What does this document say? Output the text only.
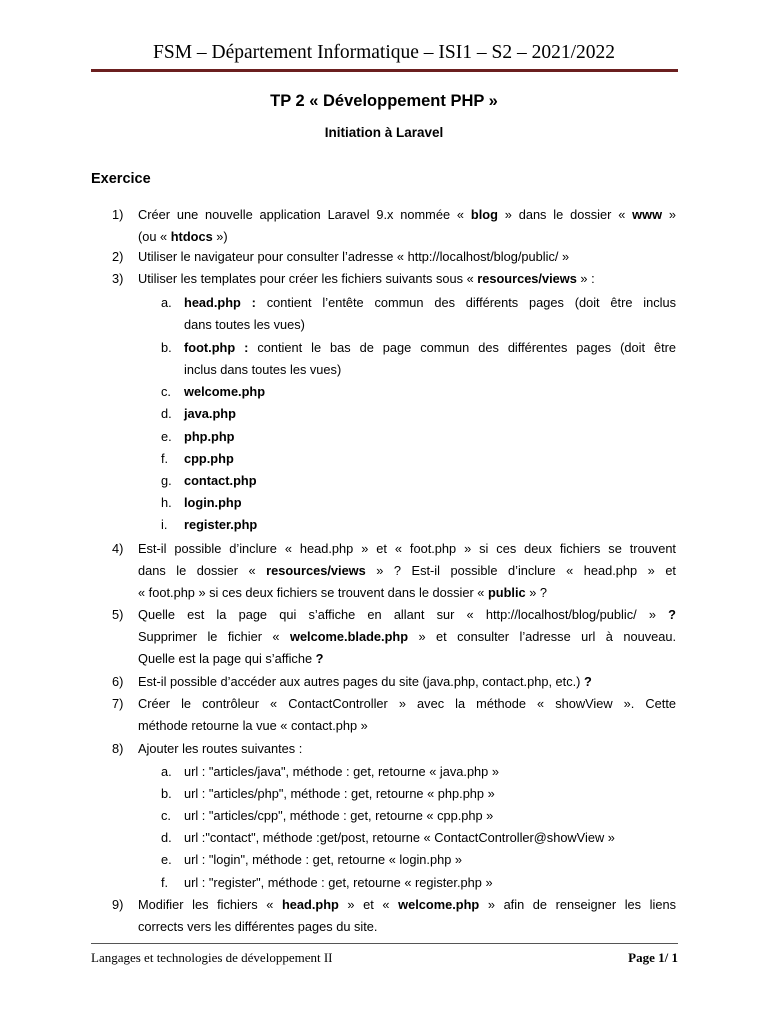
FSM – Département Informatique – ISI1 – S2 – 2021/2022
TP 2 « Développement PHP »
Initiation à Laravel
Exercice
1) Créer une nouvelle application Laravel 9.x nommée « blog » dans le dossier « www »
(ou « htdocs »)
2) Utiliser le navigateur pour consulter l’adresse « http://localhost/blog/public/ »
3) Utiliser les templates pour créer les fichiers suivants sous « resources/views » :
a. head.php : contient l’entête commun des différents pages (doit être inclus
dans toutes les vues)
b. foot.php : contient le bas de page commun des différentes pages (doit être
inclus dans toutes les vues)
c. welcome.php
d. java.php
e. php.php
f. cpp.php
g. contact.php
h. login.php
i. register.php
4) Est-il possible d’inclure « head.php » et « foot.php » si ces deux fichiers se trouvent
dans le dossier « resources/views » ? Est-il possible d’inclure « head.php » et
« foot.php » si ces deux fichiers se trouvent dans le dossier « public » ?
5) Quelle est la page qui s’affiche en allant sur « http://localhost/blog/public/ » ?
Supprimer le fichier « welcome.blade.php » et consulter l’adresse url à nouveau.
Quelle est la page qui s’affiche ?
6) Est-il possible d’accéder aux autres pages du site (java.php, contact.php, etc.) ?
7) Créer le contrôleur « ContactController » avec la méthode « showView ». Cette
méthode retourne la vue « contact.php »
8) Ajouter les routes suivantes :
a. url : "articles/java", méthode : get, retourne « java.php »
b. url : "articles/php", méthode : get, retourne « php.php »
c. url : "articles/cpp", méthode : get, retourne « cpp.php »
d. url :"contact", méthode :get/post, retourne « ContactController@showView »
e. url : "login", méthode : get, retourne « login.php »
f. url : "register", méthode : get, retourne « register.php »
9) Modifier les fichiers « head.php » et « welcome.php » afin de renseigner les liens
corrects vers les différentes pages du site.
Langages et technologies de développement II	Page 1/ 1
